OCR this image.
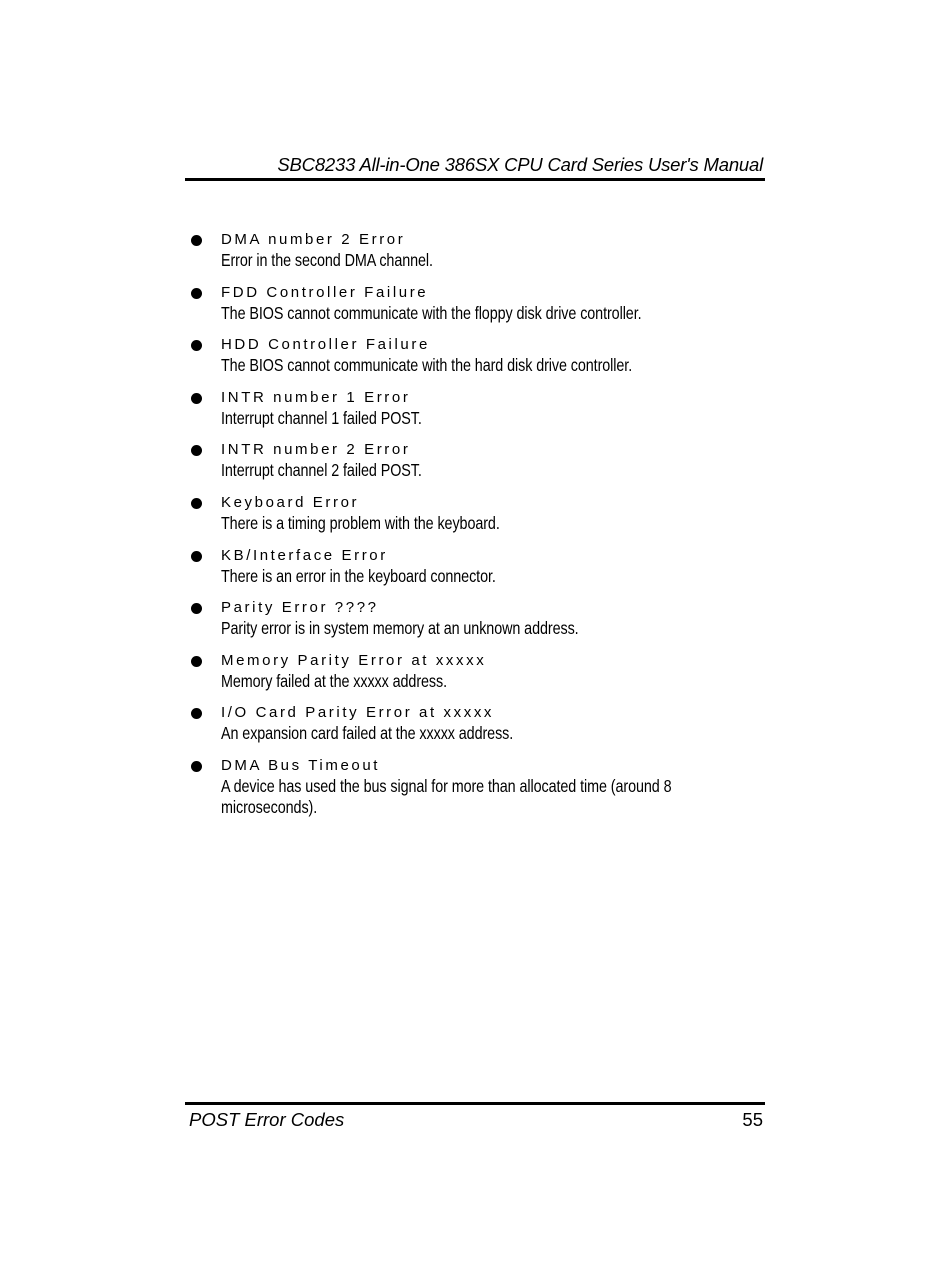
SBC8233 All-in-One 386SX CPU Card Series User's Manual
DMA number 2 Error
Error in the second DMA channel.
FDD Controller Failure
The BIOS cannot communicate with the floppy disk drive controller.
HDD Controller Failure
The BIOS cannot communicate with the hard disk drive controller.
INTR number 1 Error
Interrupt channel 1 failed POST.
INTR number 2 Error
Interrupt channel 2 failed POST.
Keyboard Error
There is a timing problem with the keyboard.
KB/Interface Error
There is an error in the keyboard connector.
Parity Error ????
Parity error is in system memory at an unknown address.
Memory Parity Error at xxxxx
Memory failed at the xxxxx address.
I/O Card Parity Error at xxxxx
An expansion card failed at the xxxxx address.
DMA Bus Timeout
A device has used the bus signal for more than allocated time (around 8 microseconds).
POST Error Codes	55
